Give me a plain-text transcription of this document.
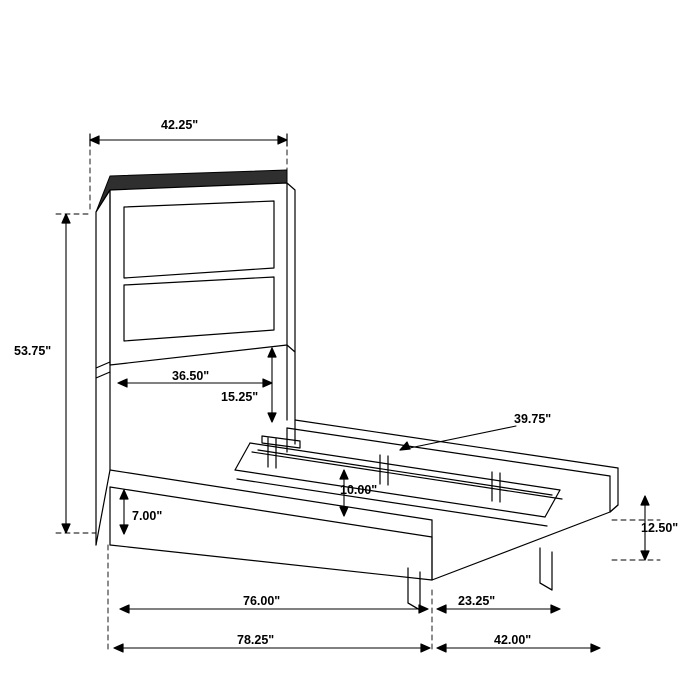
42.25"
53.75"
36.50"
15.25"
7.00"
10.00"
39.75"
12.50"
76.00"	23.25"
78.25"	42.00"
